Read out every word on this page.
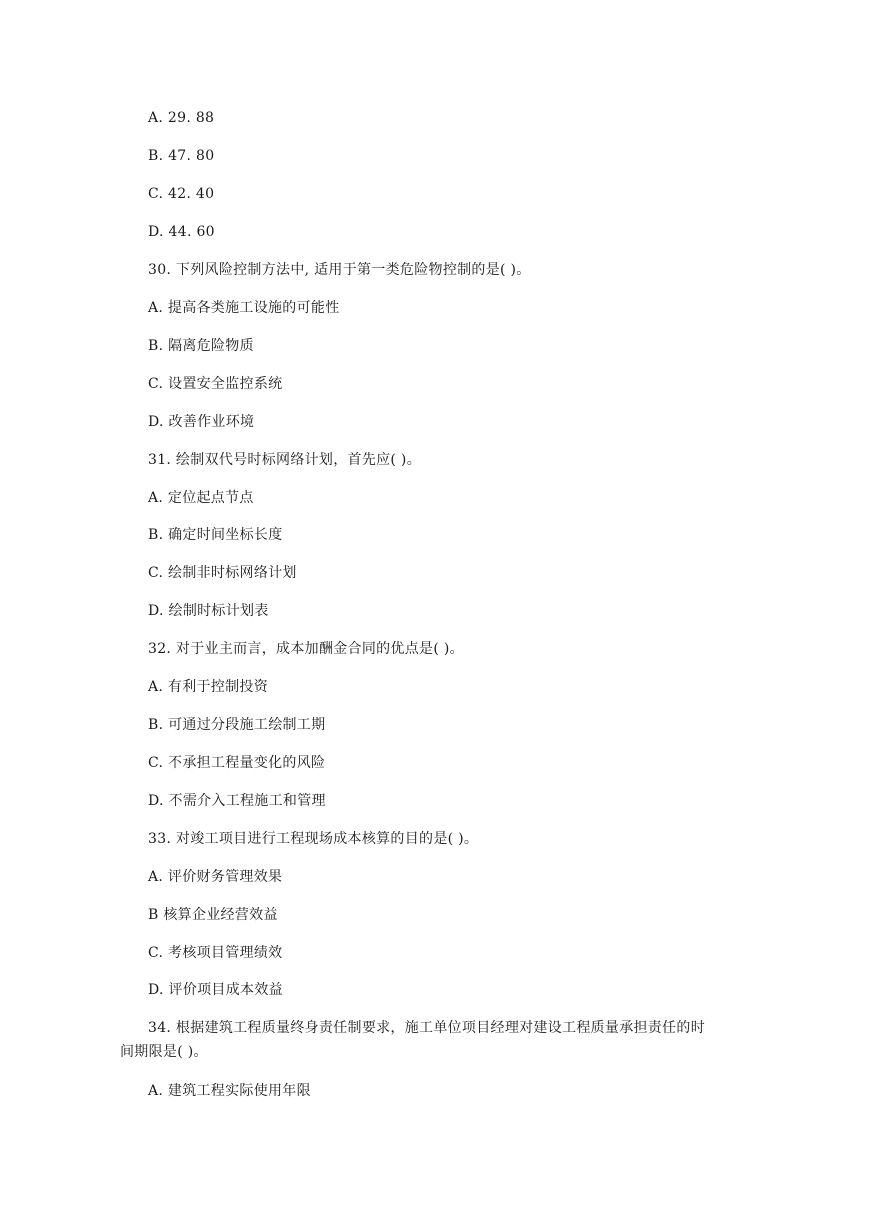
A. 29. 88
B. 47. 80
C. 42. 40
D. 44. 60
30. 下列风险控制方法中, 适用于第一类危险物控制的是( )。
A. 提高各类施工设施的可能性
B. 隔离危险物质
C. 设置安全监控系统
D. 改善作业环境
31. 绘制双代号时标网络计划，首先应( )。
A. 定位起点节点
B. 确定时间坐标长度
C. 绘制非时标网络计划
D. 绘制时标计划表
32. 对于业主而言，成本加酬金合同的优点是( )。
A. 有利于控制投资
B. 可通过分段施工绘制工期
C. 不承担工程量变化的风险
D. 不需介入工程施工和管理
33. 对竣工项目进行工程现场成本核算的目的是( )。
A. 评价财务管理效果
B 核算企业经营效益
C. 考核项目管理绩效
D. 评价项目成本效益
34. 根据建筑工程质量终身责任制要求，施工单位项目经理对建设工程质量承担责任的时
间期限是( )。
A. 建筑工程实际使用年限
